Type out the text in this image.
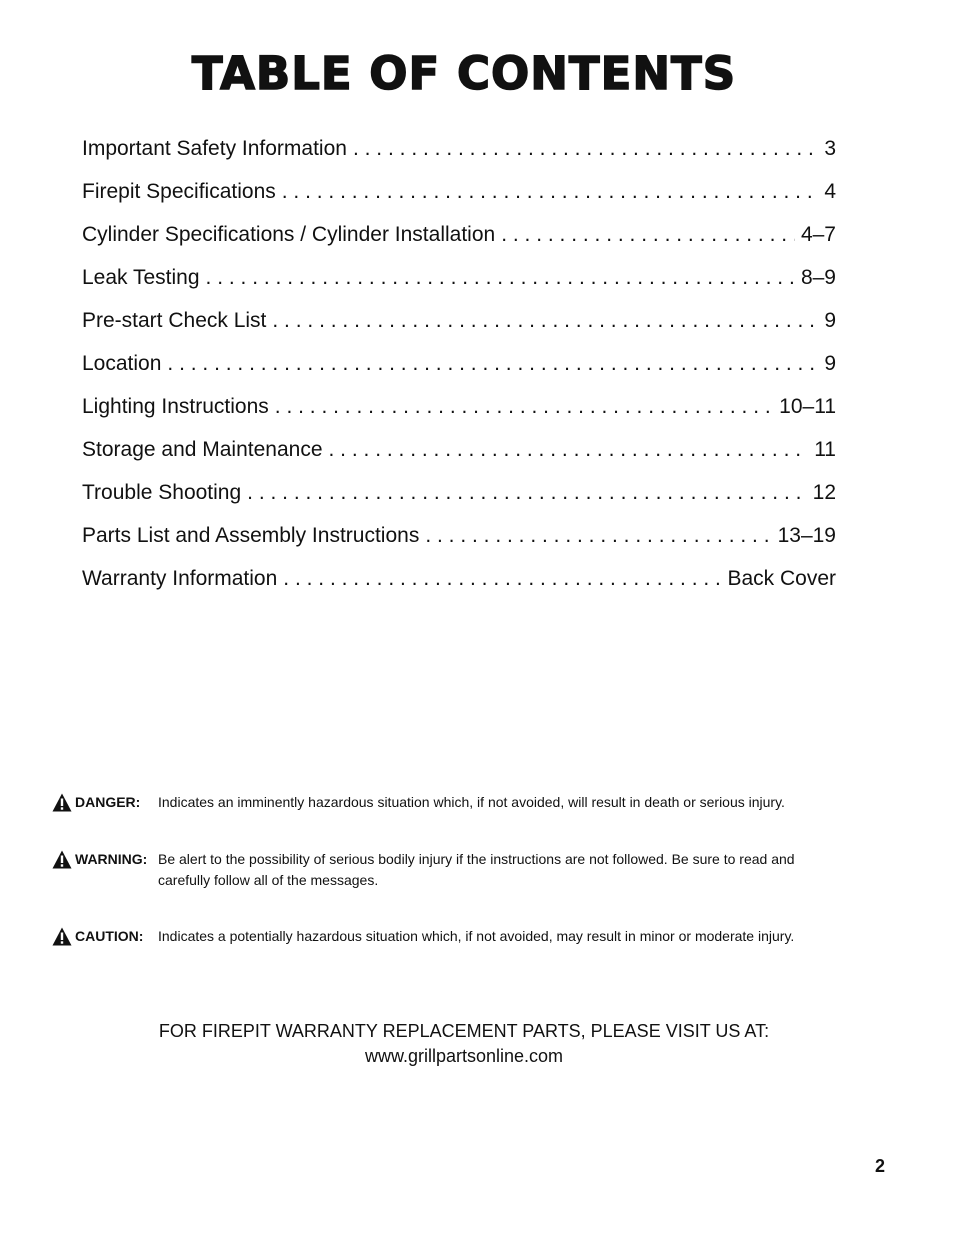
TABLE OF CONTENTS
Important Safety Information . . .	3
Firepit Specifications . . .	4
Cylinder Specifications / Cylinder Installation . . .	4–7
Leak Testing . . .	8–9
Pre-start Check List . . .	9
Location . . .	9
Lighting Instructions . . .	10–11
Storage and Maintenance . . .	11
Trouble Shooting . . .	12
Parts List and Assembly Instructions . . .	13–19
Warranty Information . . .	Back Cover
DANGER: Indicates an imminently hazardous situation which, if not avoided, will result in death or serious injury.
WARNING: Be alert to the possibility of serious bodily injury if the instructions are not followed. Be sure to read and carefully follow all of the messages.
CAUTION: Indicates a potentially hazardous situation which, if not avoided, may result in minor or moderate injury.
FOR FIREPIT WARRANTY REPLACEMENT PARTS, PLEASE VISIT US AT:
www.grillpartsonline.com
2
